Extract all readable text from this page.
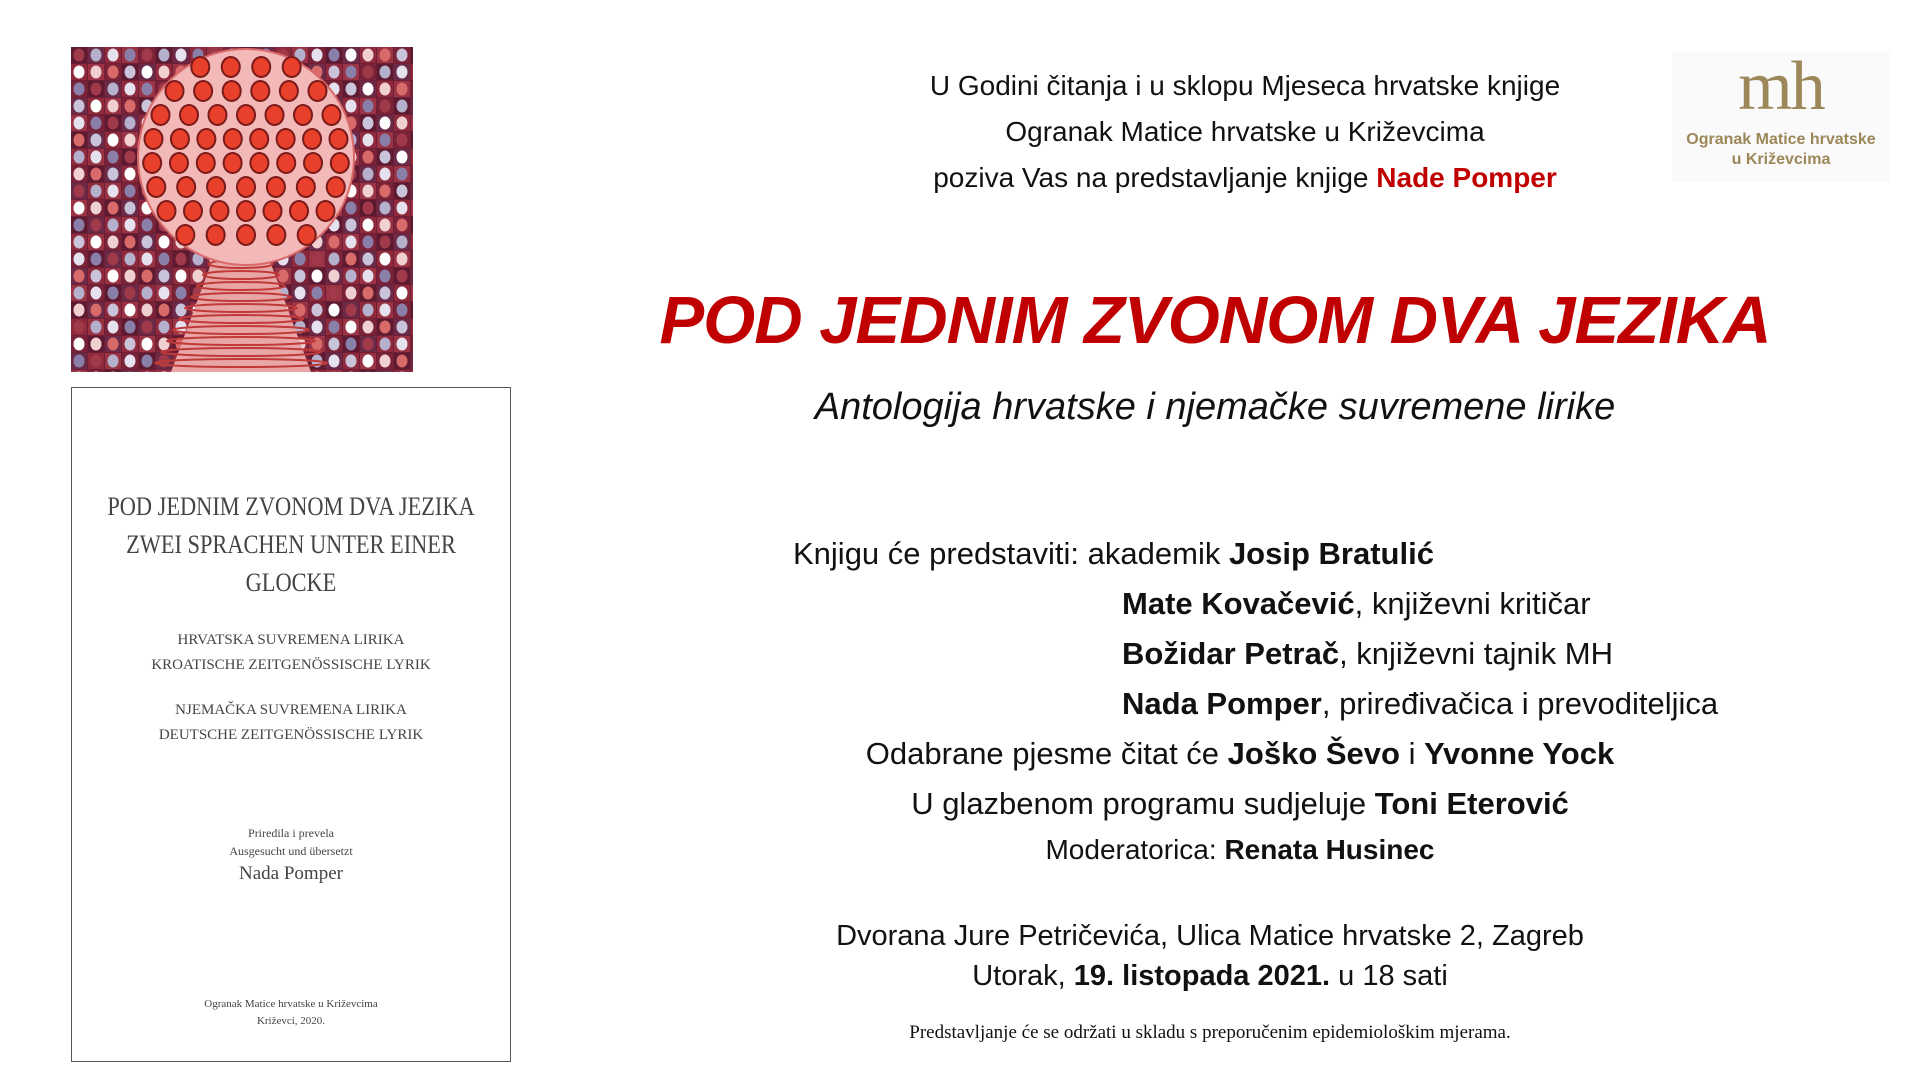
POD JEDNIM ZVONOM DVA JEZIKA
ZWEI SPRACHEN UNTER EINER GLOCKE
HRVATSKA SUVREMENA LIRIKA
KROATISCHE ZEITGENÖSSISCHE LYRIK
NJEMAČKA SUVREMENA LIRIKA
DEUTSCHE ZEITGENÖSSISCHE LYRIK
Priredila i prevela
Ausgesucht und übersetzt
Nada Pomper
Ogranak Matice hrvatske u Križevcima
Križevci, 2020.
mh
Ogranak Matice hrvatske
u Križevcima
U Godini čitanja i u sklopu Mjeseca hrvatske knjige
Ogranak Matice hrvatske u Križevcima
poziva Vas na predstavljanje knjige Nade Pomper
POD JEDNIM ZVONOM DVA JEZIKA
Antologija hrvatske i njemačke suvremene lirike
Knjigu će predstaviti: akademik Josip Bratulić
Mate Kovačević, književni kritičar
Božidar Petrač, književni tajnik MH
Nada Pomper, priređivačica i prevoditeljica
Odabrane pjesme čitat će Joško Ševo i Yvonne Yock
U glazbenom programu sudjeluje Toni Eterović
Moderatorica: Renata Husinec
Dvorana Jure Petričevića, Ulica Matice hrvatske 2, Zagreb
Utorak, 19. listopada 2021. u 18 sati
Predstavljanje će se održati u skladu s preporučenim epidemiološkim mjerama.
